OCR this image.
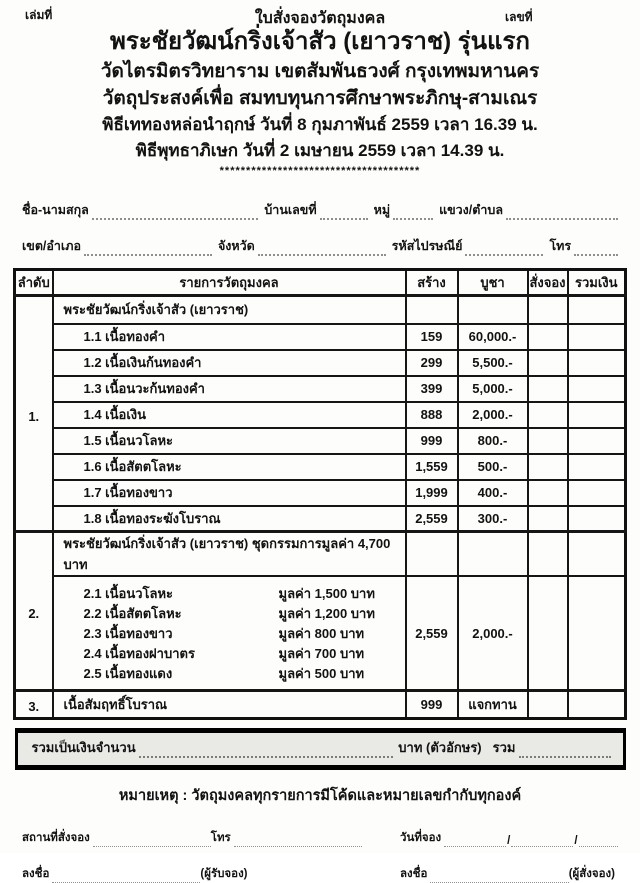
เล่มที่	ใบสั่งจองวัตถุมงคล	เลขที่
พระชัยวัฒน์กริ่งเจ้าสัว (เยาวราช) รุ่นแรก
วัดไตรมิตรวิทยาราม เขตสัมพันธวงศ์ กรุงเทพมหานคร
วัตถุประสงค์เพื่อ สมทบทุนการศึกษาพระภิกษุ-สามเณร
พิธีเททองหล่อนำฤกษ์ วันที่ 8 กุมภาพันธ์ 2559 เวลา 16.39 น.
พิธีพุทธาภิเษก วันที่ 2 เมษายน 2559 เวลา 14.39 น.
**************************************
ชื่อ-นามสกุล	บ้านเลขที่	หมู่	แขวง/ตำบล
เขต/อำเภอ	จังหวัด	รหัสไปรษณีย์	โทร
ลำดับ	รายการวัตถุมงคล	สร้าง	บูชา	สั่งจอง	รวมเงิน
1.	พระชัยวัฒน์กริ่งเจ้าสัว (เยาวราช)				
	1.1 เนื้อทองคำ	159	60,000.-		
	1.2 เนื้อเงินก้นทองคำ	299	5,500.-		
	1.3 เนื้อนวะก้นทองคำ	399	5,000.-		
	1.4 เนื้อเงิน	888	2,000.-		
	1.5 เนื้อนวโลหะ	999	800.-		
	1.6 เนื้อสัตตโลหะ	1,559	500.-		
	1.7 เนื้อทองขาว	1,999	400.-		
	1.8 เนื้อทองระฆังโบราณ	2,559	300.-		
2.	พระชัยวัฒน์กริ่งเจ้าสัว (เยาวราช) ชุดกรรมการมูลค่า 4,700 บาท				

2.1 เนื้อนวโลหะ	มูลค่า 1,500 บาท
2.2 เนื้อสัตตโลหะ	มูลค่า 1,200 บาท
2.3 เนื้อทองขาว	มูลค่า 800 บาท
2.4 เนื้อทองฝาบาตร	มูลค่า 700 บาท
2.5 เนื้อทองแดง	มูลค่า 500 บาท
	2,559	2,000.-		
3.	เนื้อสัมฤทธิ์โบราณ	999	แจกทาน		
รวมเป็นเงินจำนวน	บาท (ตัวอักษร) รวม
หมายเหตุ : วัตถุมงคลทุกรายการมีโค้ดและหมายเลขกำกับทุกองค์
สถานที่สั่งจอง	โทร	วันที่จอง	/	/
ลงชื่อ	(ผู้รับจอง)	ลงชื่อ	(ผู้สั่งจอง)
